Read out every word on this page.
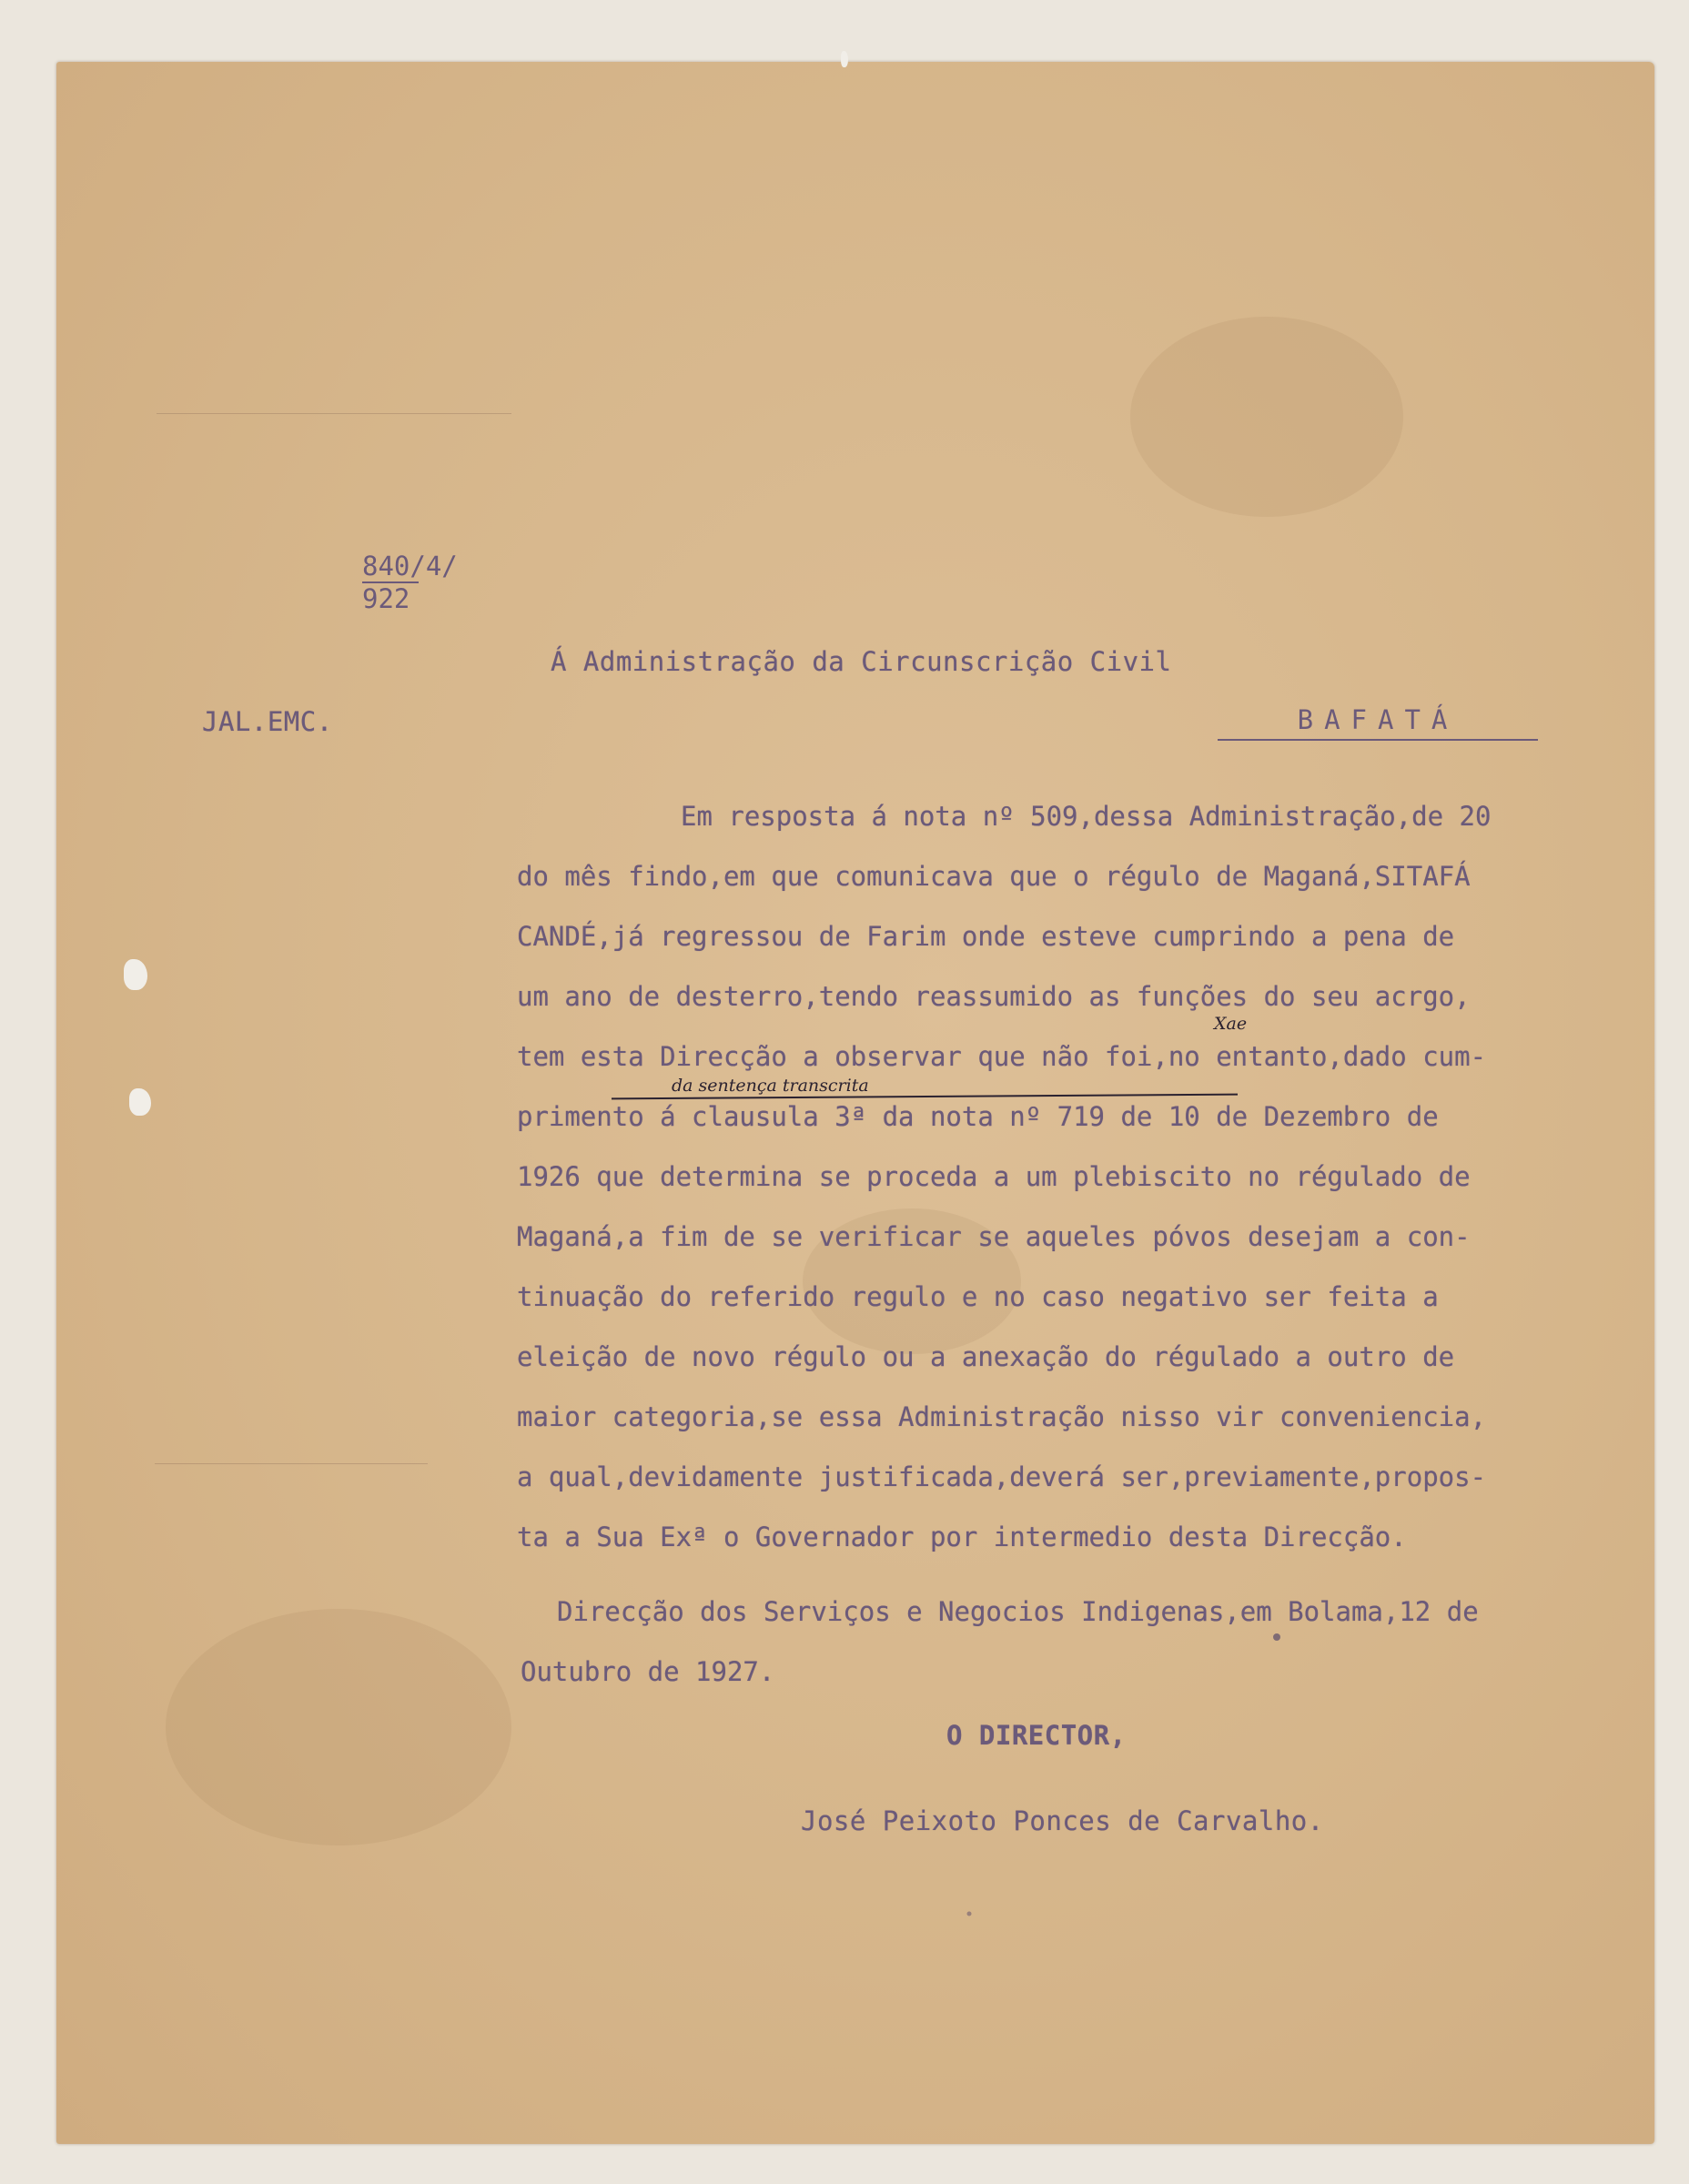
$\frac{840/4/}{922}$
JAL.EMC.
Á Administração da Circunscrição Civil
BAFATÁ
Em resposta á nota nº 509,dessa Administração,de 20
do mês findo,em que comunicava que o régulo de Maganá,SITAFÁ
CANDÉ,já regressou de Farim onde esteve cumprindo a pena de
um ano de desterro,tendo reassumido as funções do seu acrgo,
tem esta Direcção a observar que não foi,no entanto,dado cum-
primento á clausula 3ª da nota nº 719 de 10 de Dezembro de
1926 que determina se proceda a um plebiscito no régulado de
Maganá,a fim de se verificar se aqueles póvos desejam a con-
tinuação do referido regulo e no caso negativo ser feita a
eleição de novo régulo ou a anexação do régulado a outro de
maior categoria,se essa Administração nisso vir conveniencia,
a qual,devidamente justificada,deverá ser,previamente,propos-
ta a Sua Exª o Governador por intermedio desta Direcção.
Xae
da sentença transcrita
Direcção dos Serviços e Negocios Indigenas,em Bolama,12 de
Outubro de 1927.
O DIRECTOR,
José Peixoto Ponces de Carvalho.
